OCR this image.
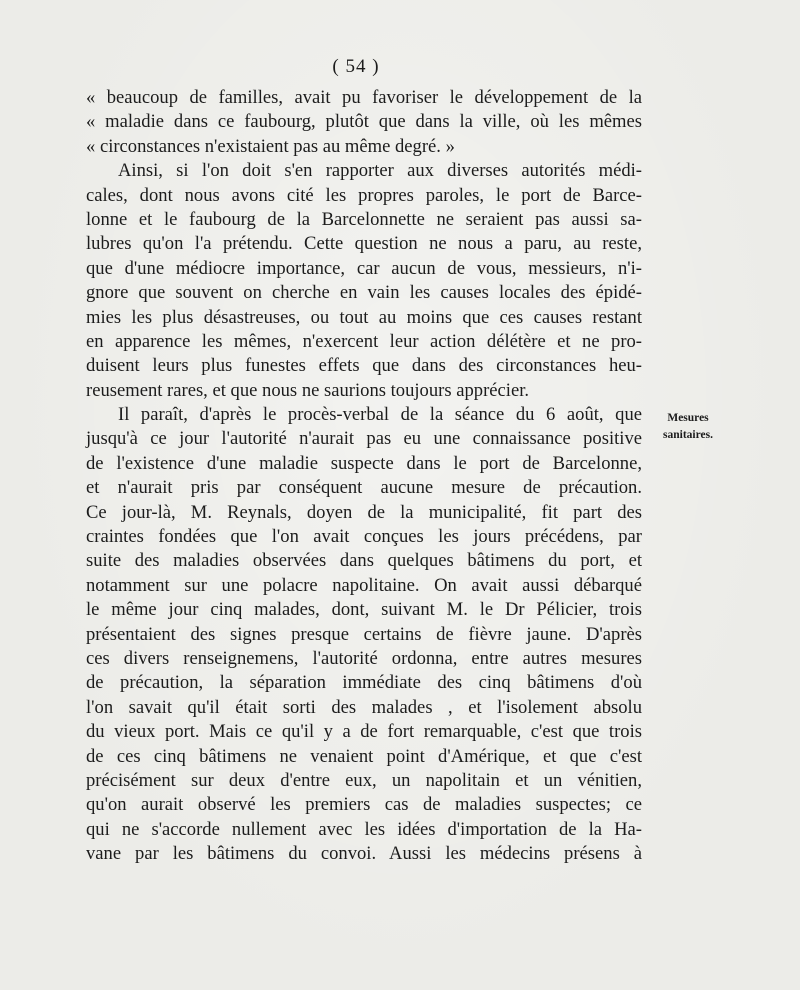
( 54 )
« beaucoup de familles, avait pu favoriser le développement de la
« maladie dans ce faubourg, plutôt que dans la ville, où les mêmes
« circonstances n'existaient pas au même degré. »
Ainsi, si l'on doit s'en rapporter aux diverses autorités médi-
cales, dont nous avons cité les propres paroles, le port de Barce-
lonne et le faubourg de la Barcelonnette ne seraient pas aussi sa-
lubres qu'on l'a prétendu. Cette question ne nous a paru, au reste,
que d'une médiocre importance, car aucun de vous, messieurs, n'i-
gnore que souvent on cherche en vain les causes locales des épidé-
mies les plus désastreuses, ou tout au moins que ces causes restant
en apparence les mêmes, n'exercent leur action délétère et ne pro-
duisent leurs plus funestes effets que dans des circonstances heu-
reusement rares, et que nous ne saurions toujours apprécier.
Il paraît, d'après le procès-verbal de la séance du 6 août, que
jusqu'à ce jour l'autorité n'aurait pas eu une connaissance positive
de l'existence d'une maladie suspecte dans le port de Barcelonne,
et n'aurait pris par conséquent aucune mesure de précaution.
Ce jour-là, M. Reynals, doyen de la municipalité, fit part des
craintes fondées que l'on avait conçues les jours précédens, par
suite des maladies observées dans quelques bâtimens du port, et
notamment sur une polacre napolitaine. On avait aussi débarqué
le même jour cinq malades, dont, suivant M. le Dr Pélicier, trois
présentaient des signes presque certains de fièvre jaune. D'après
ces divers renseignemens, l'autorité ordonna, entre autres mesures
de précaution, la séparation immédiate des cinq bâtimens d'où
l'on savait qu'il était sorti des malades , et l'isolement absolu
du vieux port. Mais ce qu'il y a de fort remarquable, c'est que trois
de ces cinq bâtimens ne venaient point d'Amérique, et que c'est
précisément sur deux d'entre eux, un napolitain et un vénitien,
qu'on aurait observé les premiers cas de maladies suspectes; ce
qui ne s'accorde nullement avec les idées d'importation de la Ha-
vane par les bâtimens du convoi. Aussi les médecins présens à
Mesures
sanitaires.
